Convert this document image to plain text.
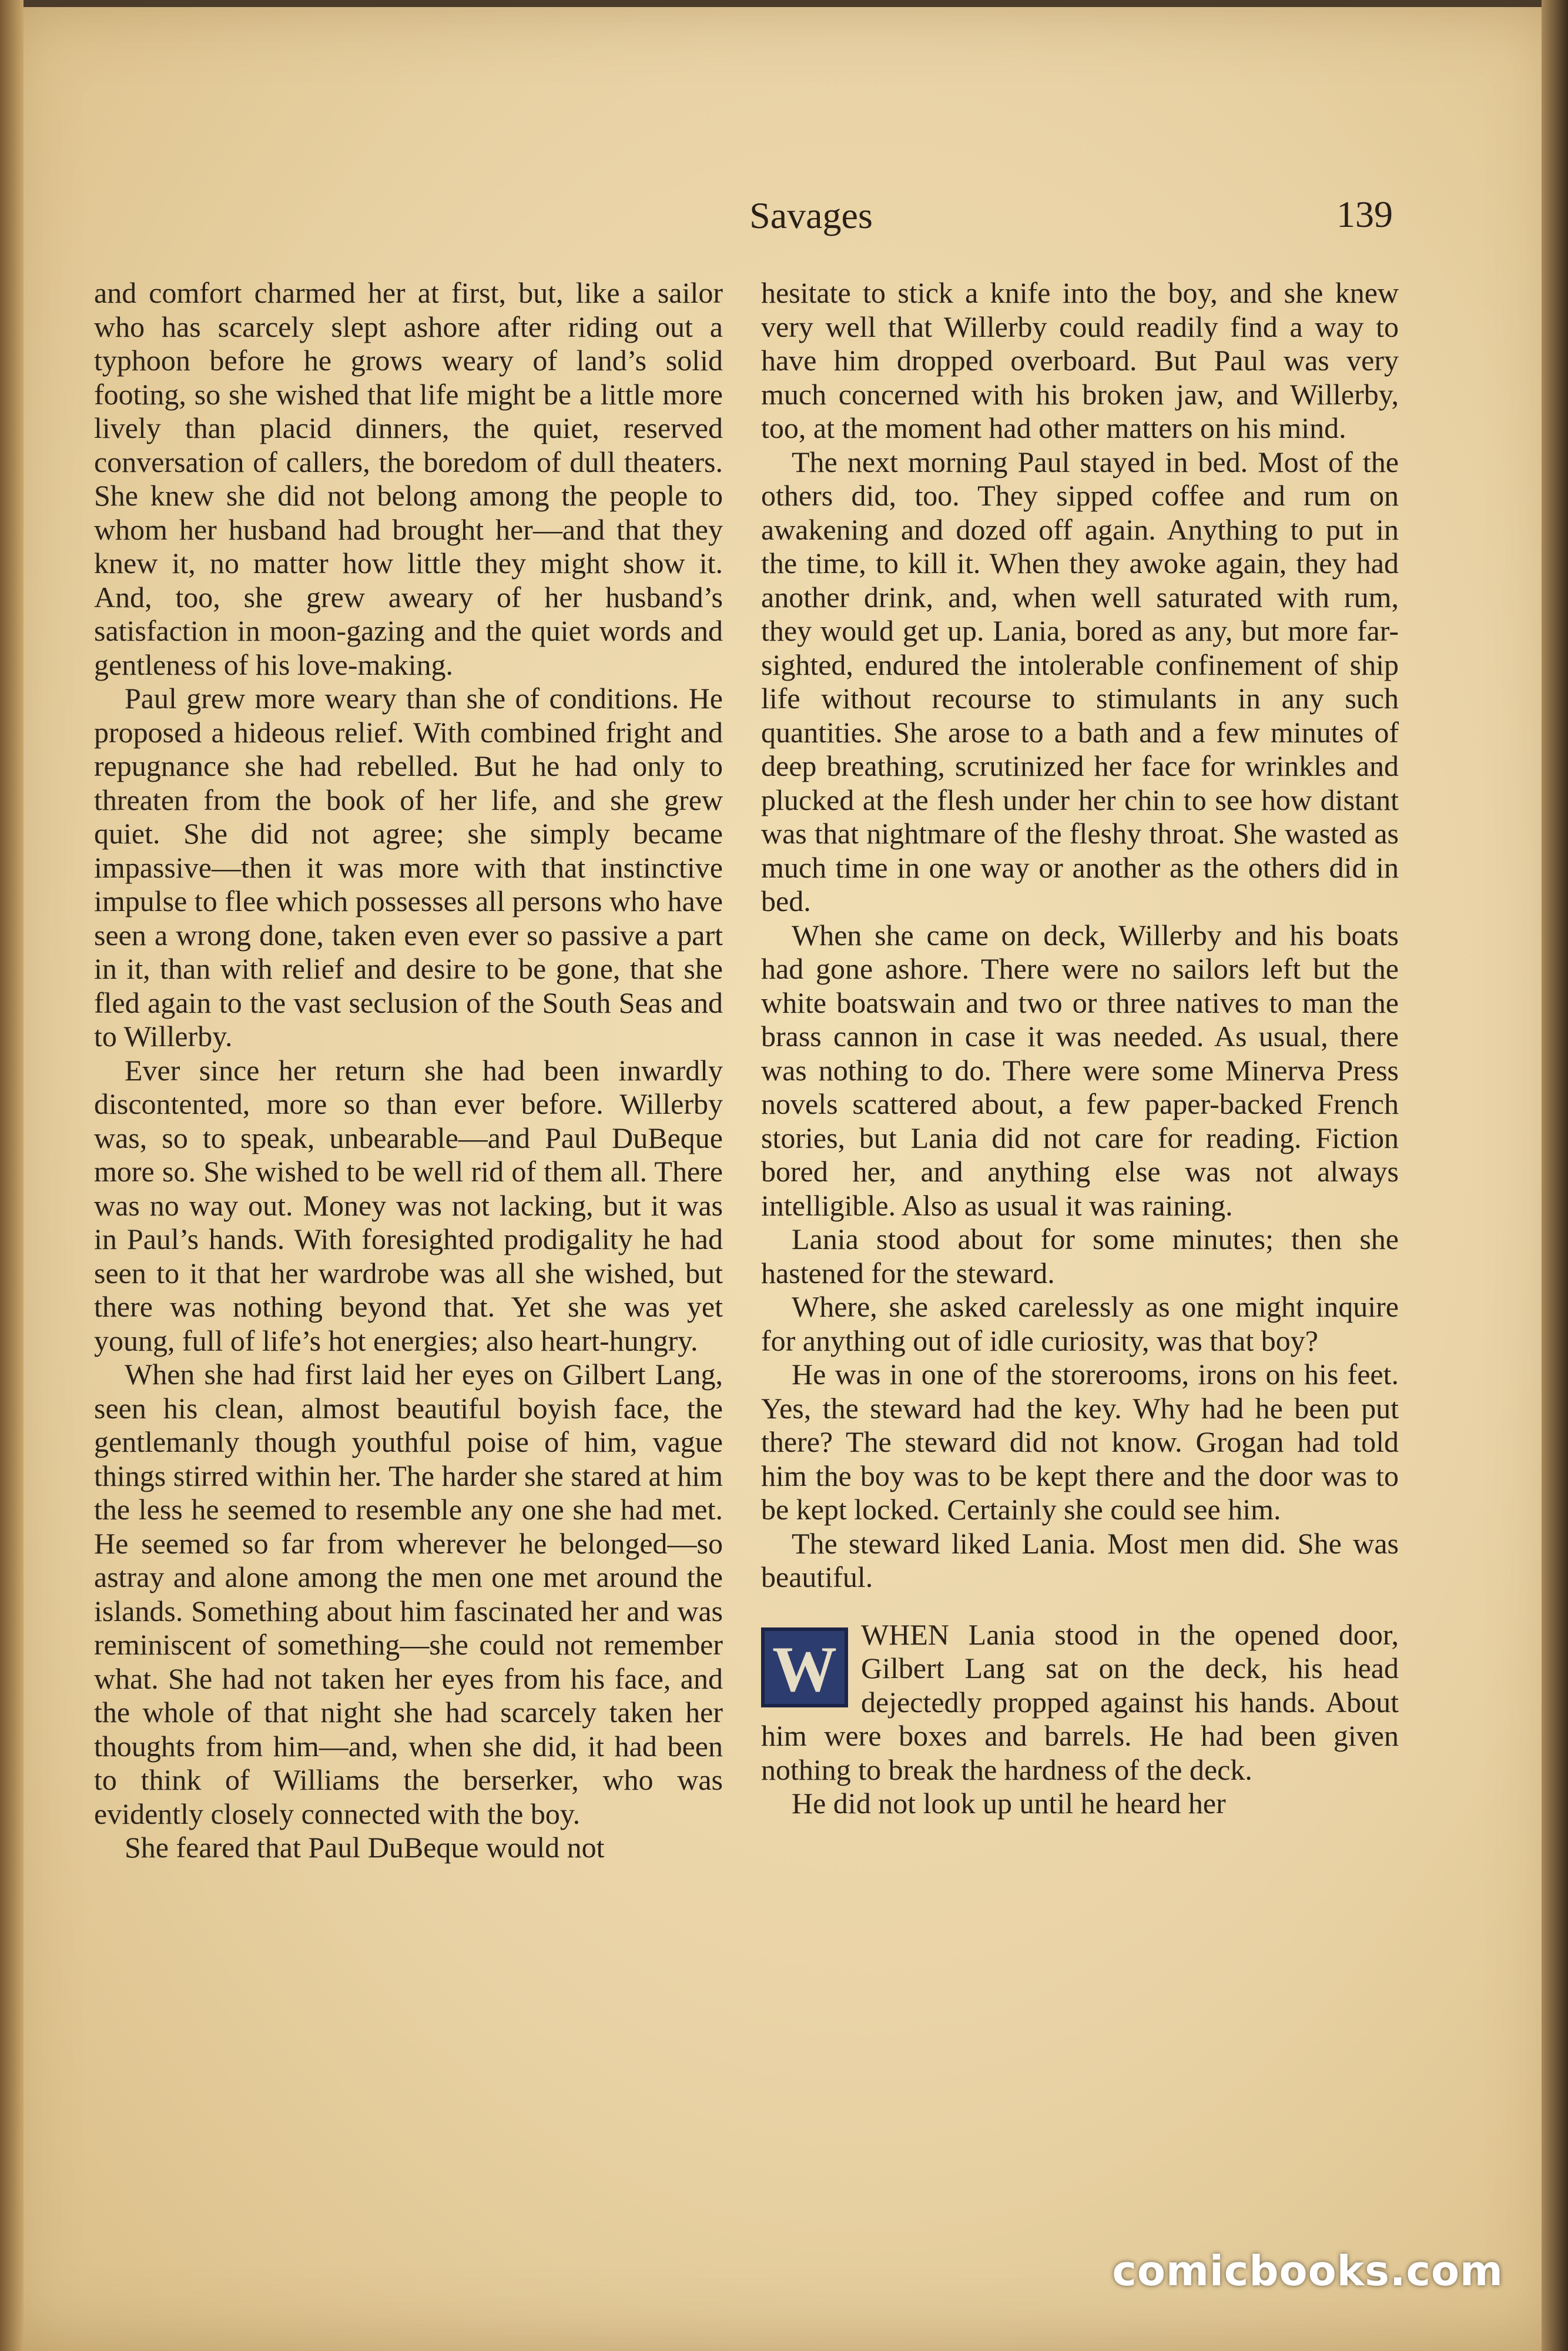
Savages	139

and comfort charmed her at first, but, like a sailor who has scarcely slept ashore after riding out a typhoon before he grows weary of land’s solid footing, so she wished that life might be a little more lively than placid dinners, the quiet, reserved conversation of callers, the boredom of dull theaters. She knew she did not belong among the people to whom her husband had brought her—and that they knew it, no matter how little they might show it. And, too, she grew aweary of her husband’s satisfaction in moon-gazing and the quiet words and gentleness of his love-making.

Paul grew more weary than she of conditions. He proposed a hideous relief. With combined fright and repugnance she had rebelled. But he had only to threaten from the book of her life, and she grew quiet. She did not agree; she simply became impassive—then it was more with that instinctive impulse to flee which possesses all persons who have seen a wrong done, taken even ever so passive a part in it, than with relief and desire to be gone, that she fled again to the vast seclusion of the South Seas and to Willerby.

Ever since her return she had been inwardly discontented, more so than ever before. Willerby was, so to speak, unbearable—and Paul DuBeque more so. She wished to be well rid of them all. There was no way out. Money was not lacking, but it was in Paul’s hands. With foresighted prodigality he had seen to it that her wardrobe was all she wished, but there was nothing beyond that. Yet she was yet young, full of life’s hot energies; also heart-hungry.

When she had first laid her eyes on Gilbert Lang, seen his clean, almost beautiful boyish face, the gentlemanly though youthful poise of him, vague things stirred within her. The harder she stared at him the less he seemed to resemble any one she had met. He seemed so far from wherever he belonged—so astray and alone among the men one met around the islands. Something about him fascinated her and was reminiscent of something—she could not remember what. She had not taken her eyes from his face, and the whole of that night she had scarcely taken her thoughts from him—and, when she did, it had been to think of Williams the berserker, who was evidently closely connected with the boy.

She feared that Paul DuBeque would not

hesitate to stick a knife into the boy, and she knew very well that Willerby could readily find a way to have him dropped overboard. But Paul was very much concerned with his broken jaw, and Willerby, too, at the moment had other matters on his mind.

The next morning Paul stayed in bed. Most of the others did, too. They sipped coffee and rum on awakening and dozed off again. Anything to put in the time, to kill it. When they awoke again, they had another drink, and, when well saturated with rum, they would get up. Lania, bored as any, but more far-sighted, endured the intolerable confinement of ship life without recourse to stimulants in any such quantities. She arose to a bath and a few minutes of deep breathing, scrutinized her face for wrinkles and plucked at the flesh under her chin to see how distant was that nightmare of the fleshy throat. She wasted as much time in one way or another as the others did in bed.

When she came on deck, Willerby and his boats had gone ashore. There were no sailors left but the white boatswain and two or three natives to man the brass cannon in case it was needed. As usual, there was nothing to do. There were some Minerva Press novels scattered about, a few paper-backed French stories, but Lania did not care for reading. Fiction bored her, and anything else was not always intelligible. Also as usual it was raining.

Lania stood about for some minutes; then she hastened for the steward.

Where, she asked carelessly as one might inquire for anything out of idle curiosity, was that boy?

He was in one of the storerooms, irons on his feet. Yes, the steward had the key. Why had he been put there? The steward did not know. Grogan had told him the boy was to be kept there and the door was to be kept locked. Certainly she could see him.

The steward liked Lania. Most men did. She was beautiful.

W WHEN Lania stood in the opened door, Gilbert Lang sat on the deck, his head dejectedly propped against his hands. About him were boxes and barrels. He had been given nothing to break the hardness of the deck.

He did not look up until he heard her

comicbooks.com
